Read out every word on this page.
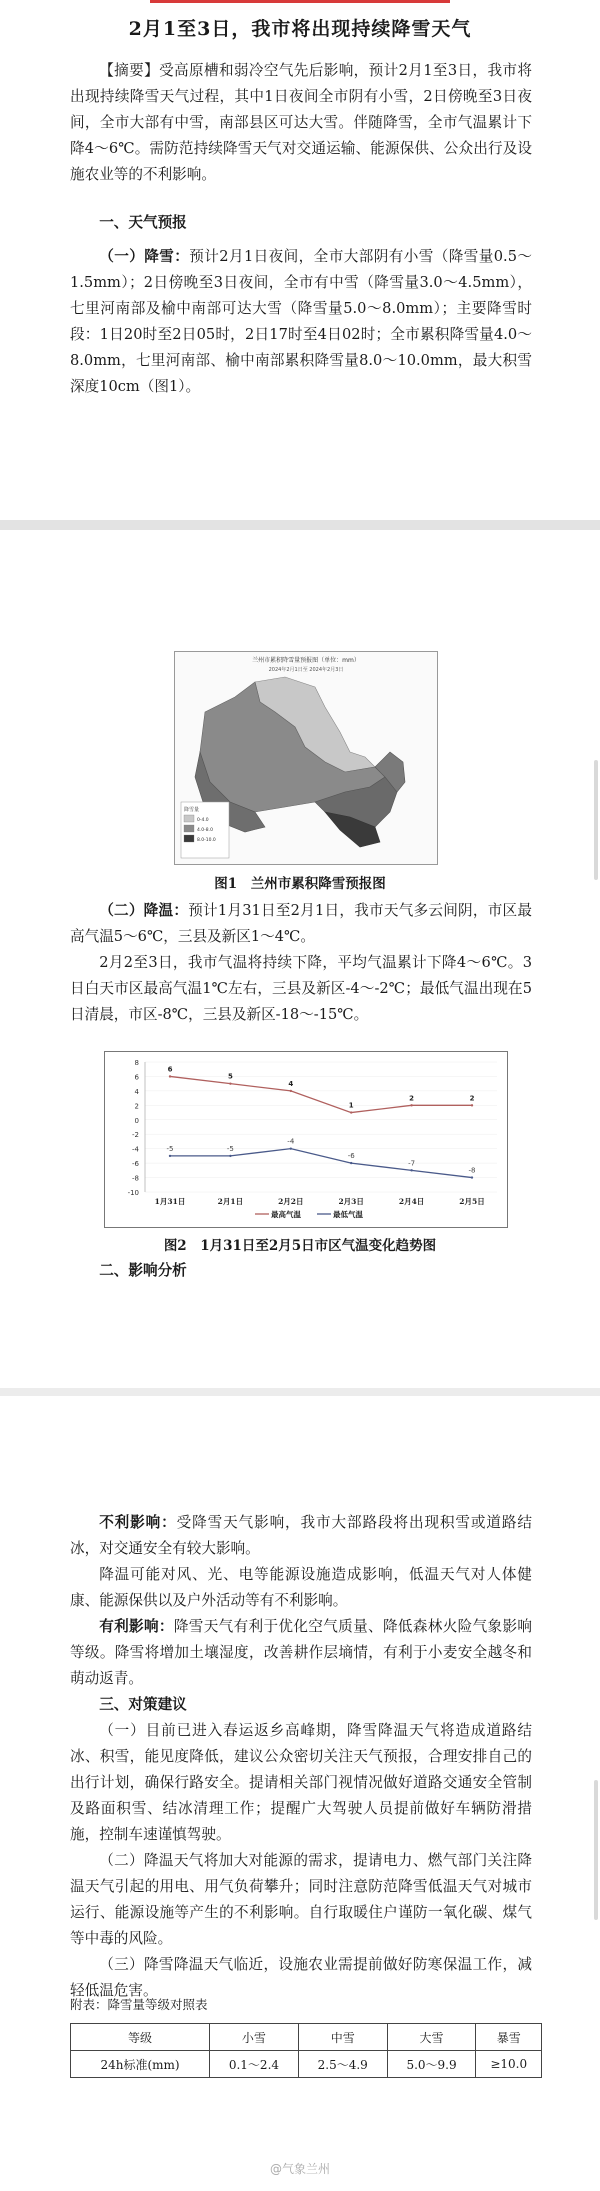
2月1至3日，我市将出现持续降雪天气

【摘要】受高原槽和弱冷空气先后影响，预计2月1至3日，我市将出现持续降雪天气过程，其中1日夜间全市阴有小雪，2日傍晚至3日夜间，全市大部有中雪，南部县区可达大雪。伴随降雪，全市气温累计下降4～6℃。需防范持续降雪天气对交通运输、能源保供、公众出行及设施农业等的不利影响。

一、天气预报

（一）降雪：预计2月1日夜间，全市大部阴有小雪（降雪量0.5～1.5mm）；2日傍晚至3日夜间，全市有中雪（降雪量3.0～4.5mm），七里河南部及榆中南部可达大雪（降雪量5.0～8.0mm）；主要降雪时段：1日20时至2日05时，2日17时至4日02时；全市累积降雪量4.0～8.0mm，七里河南部、榆中南部累积降雪量8.0～10.0mm，最大积雪深度10cm（图1）。

兰州市累积降雪量预报图（单位：mm）
2024年2月1日至 2024年2月3日
降雪量
0-4.0
4.0-8.0
8.0-10.0
图1　兰州市累积降雪预报图

（二）降温：预计1月31日至2月1日，我市天气多云间阴，市区最高气温5～6℃，三县及新区1～4℃。

2月2至3日，我市气温将持续下降，平均气温累计下降4～6℃。3日白天市区最高气温1℃左右，三县及新区-4～-2℃；最低气温出现在5日清晨，市区-8℃，三县及新区-18～-15℃。

8
6
4
2
0
-2
-4
-6
-8
-10
1月31日	2月1日	2月2日	2月3日	2月4日	2月5日
6
5
4
1
2	2
-5	-5
-4
-6
-7
-8
最高气温	最低气温
图2　1月31日至2月5日市区气温变化趋势图

二、影响分析

不利影响：受降雪天气影响，我市大部路段将出现积雪或道路结冰，对交通安全有较大影响。

降温可能对风、光、电等能源设施造成影响，低温天气对人体健康、能源保供以及户外活动等有不利影响。

有利影响：降雪天气有利于优化空气质量、降低森林火险气象影响等级。降雪将增加土壤湿度，改善耕作层墒情，有利于小麦安全越冬和萌动返青。

三、对策建议

（一）目前已进入春运返乡高峰期，降雪降温天气将造成道路结冰、积雪，能见度降低，建议公众密切关注天气预报，合理安排自己的出行计划，确保行路安全。提请相关部门视情况做好道路交通安全管制及路面积雪、结冰清理工作；提醒广大驾驶人员提前做好车辆防滑措施，控制车速谨慎驾驶。

（二）降温天气将加大对能源的需求，提请电力、燃气部门关注降温天气引起的用电、用气负荷攀升；同时注意防范降雪低温天气对城市运行、能源设施等产生的不利影响。自行取暖住户谨防一氧化碳、煤气等中毒的风险。

（三）降雪降温天气临近，设施农业需提前做好防寒保温工作，减轻低温危害。

附表：降雪量等级对照表
等级	小雪	中雪	大雪	暴雪
24h标准(mm)	0.1～2.4	2.5～4.9	5.0～9.9	≥10.0
@气象兰州
